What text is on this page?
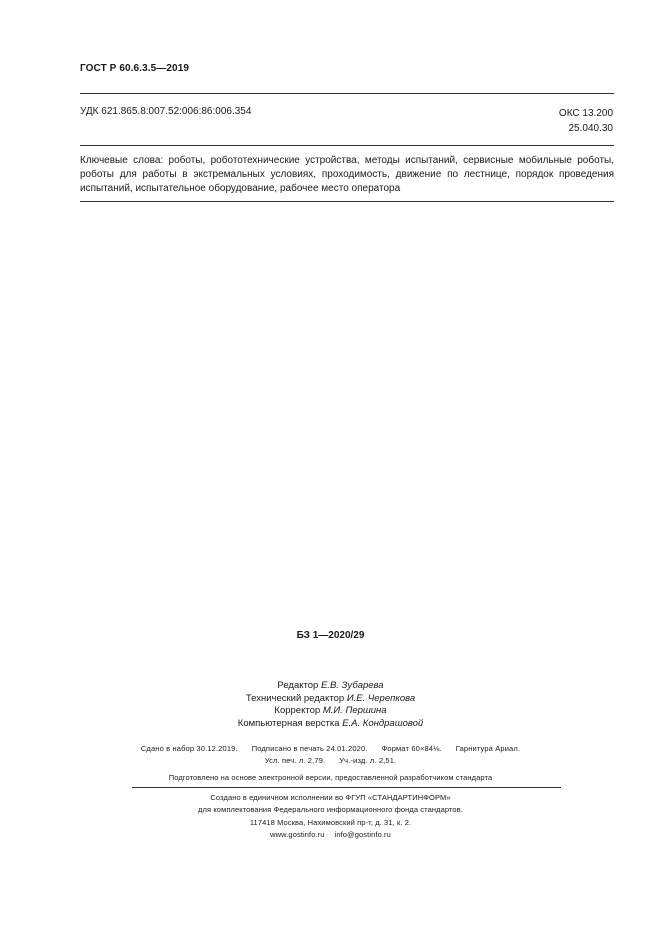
ГОСТ Р 60.6.3.5—2019
УДК 621.865.8:007.52:006:86:006.354	ОКС 13.200
25.040.30
Ключевые слова: роботы, робототехнические устройства, методы испытаний, сервисные мобильные роботы, роботы для работы в экстремальных условиях, проходимость, движение по лестнице, порядок проведения испытаний, испытательное оборудование, рабочее место оператора
БЗ 1—2020/29
Редактор Е.В. Зубарева
Технический редактор И.Е. Черепкова
Корректор М.И. Першина
Компьютерная верстка Е.А. Кондрашовой
Сдано в набор 30.12.2019. Подписано в печать 24.01.2020. Формат 60×84⅛. Гарнитура Ариал.
Усл. печ. л. 2,79. Уч.-изд. л. 2,51.
Подготовлено на основе электронной версии, предоставленной разработчиком стандарта
Создано в единичном исполнении во ФГУП «СТАНДАРТИНФОРМ»
для комплектования Федерального информационного фонда стандартов.
117418 Москва, Нахимовский пр-т, д. 31, к. 2.
www.gostinfo.ru info@gostinfo.ru
